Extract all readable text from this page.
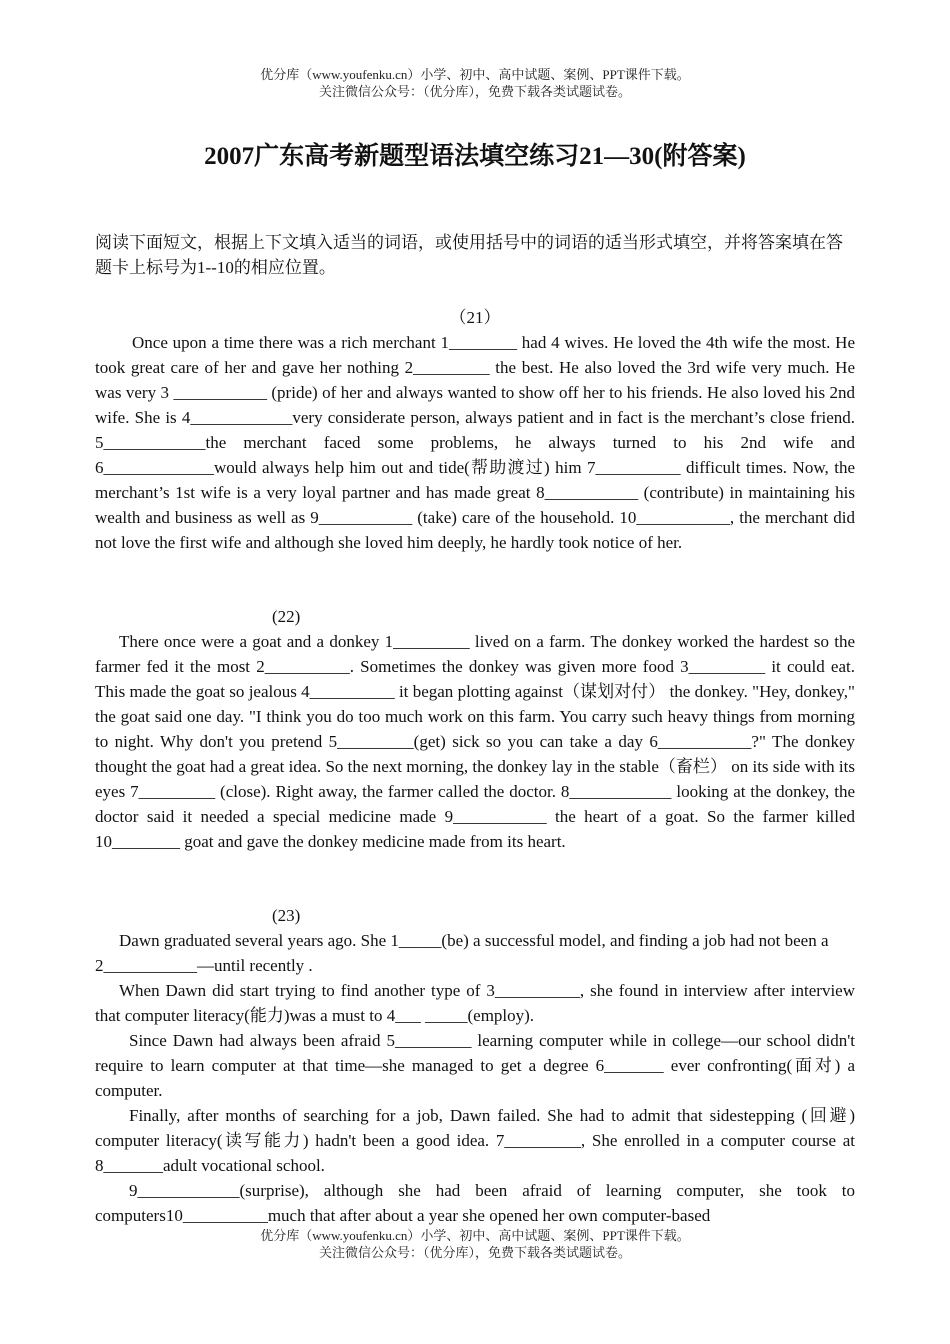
优分库（www.youfenku.cn）小学、初中、高中试题、案例、PPT课件下载。
关注微信公众号：（优分库），免费下载各类试题试卷。
2007广东高考新题型语法填空练习21—30(附答案)
阅读下面短文，根据上下文填入适当的词语，或使用括号中的词语的适当形式填空，并将答案填在答题卡上标号为1--10的相应位置。
（21）

Once upon a time there was a rich merchant 1________ had 4 wives. He loved the 4th wife the most. He took great care of her and gave her nothing 2_________ the best. He also loved the 3rd wife very much. He was very 3 ___________ (pride) of her and always wanted to show off her to his friends. He also loved his 2nd wife. She is 4____________very considerate person, always patient and in fact is the merchant’s close friend. 5____________the merchant faced some problems, he always turned to his 2nd wife and 6_____________would always help him out and tide(帮助渡过) him 7__________ difficult times. Now, the merchant’s 1st wife is a very loyal partner and has made great 8___________ (contribute) in maintaining his wealth and business as well as 9___________ (take) care of the household. 10___________, the merchant did not love the first wife and although she loved him deeply, he hardly took notice of her.

(22)

There once were a goat and a donkey 1_________ lived on a farm. The donkey worked the hardest so the farmer fed it the most 2__________. Sometimes the donkey was given more food 3_________ it could eat. This made the goat so jealous 4__________ it began plotting against（谋划对付） the donkey. "Hey, donkey," the goat said one day. "I think you do too much work on this farm. You carry such heavy things from morning to night. Why don't you pretend 5_________(get) sick so you can take a day 6___________?" The donkey thought the goat had a great idea. So the next morning, the donkey lay in the stable（畜栏） on its side with its eyes 7_________ (close). Right away, the farmer called the doctor. 8____________ looking at the donkey, the doctor said it needed a special medicine made 9___________ the heart of a goat. So the farmer killed 10________ goat and gave the donkey medicine made from its heart.

(23)

Dawn graduated several years ago. She 1_____(be) a successful model, and finding a job had not been a 2___________—until recently .

When Dawn did start trying to find another type of 3__________, she found in interview after interview that computer literacy(能力)was a must to 4___ _____(employ).

Since Dawn had always been afraid 5_________ learning computer while in college—our school didn't require to learn computer at that time—she managed to get a degree 6_______ ever confronting(面对) a computer.

Finally, after months of searching for a job, Dawn failed. She had to admit that sidestepping (回避) computer literacy(读写能力) hadn't been a good idea. 7_________, She enrolled in a computer course at 8_______adult vocational school.

9____________(surprise), although she had been afraid of learning computer, she took to computers10__________much that after about a year she opened her own computer-based

优分库（www.youfenku.cn）小学、初中、高中试题、案例、PPT课件下载。
关注微信公众号：（优分库），免费下载各类试题试卷。
